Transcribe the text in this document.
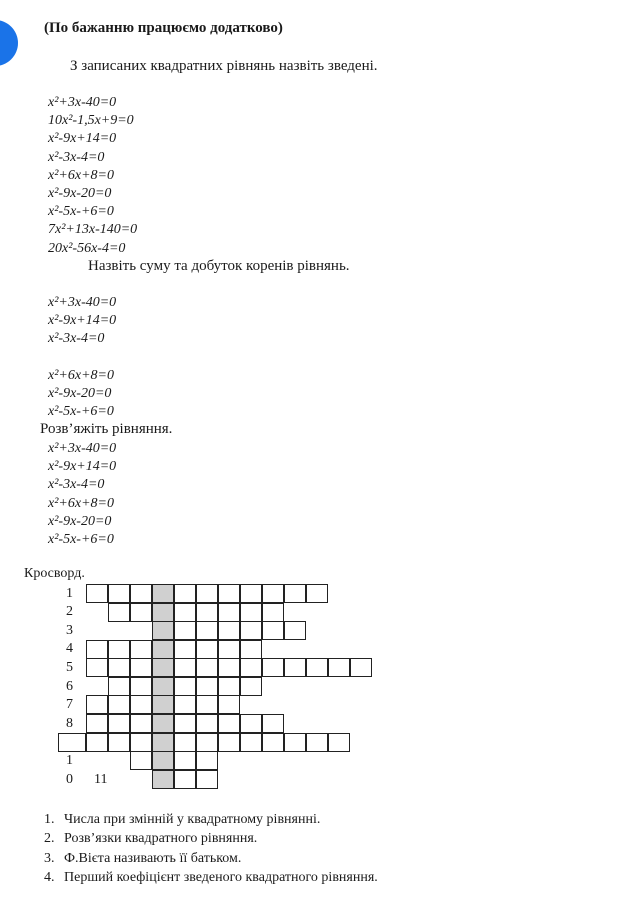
(По бажанню працюємо додатково)
З записаних квадратних рівнянь назвіть зведені.
x²+3x-40=0
10x²-1,5x+9=0
x²-9x+14=0
x²-3x-4=0
x²+6x+8=0
x²-9x-20=0
x²-5x-+6=0
7x²+13x-140=0
20x²-56x-4=0
Назвіть суму та добуток коренів рівнянь.
x²+3x-40=0
x²-9x+14=0
x²-3x-4=0
x²+6x+8=0
x²-9x-20=0
x²-5x-+6=0
Розв’яжіть рівняння.
x²+3x-40=0
x²-9x+14=0
x²-3x-4=0
x²+6x+8=0
x²-9x-20=0
x²-5x-+6=0
Кросворд.
1
2
3
4
5
6
7
8
1
0 11
1. Числа при змінній у квадратному рівнянні.
2. Розв’язки квадратного рівняння.
3. Ф.Вієта називають її батьком.
4. Перший коефіцієнт зведеного квадратного рівняння.
